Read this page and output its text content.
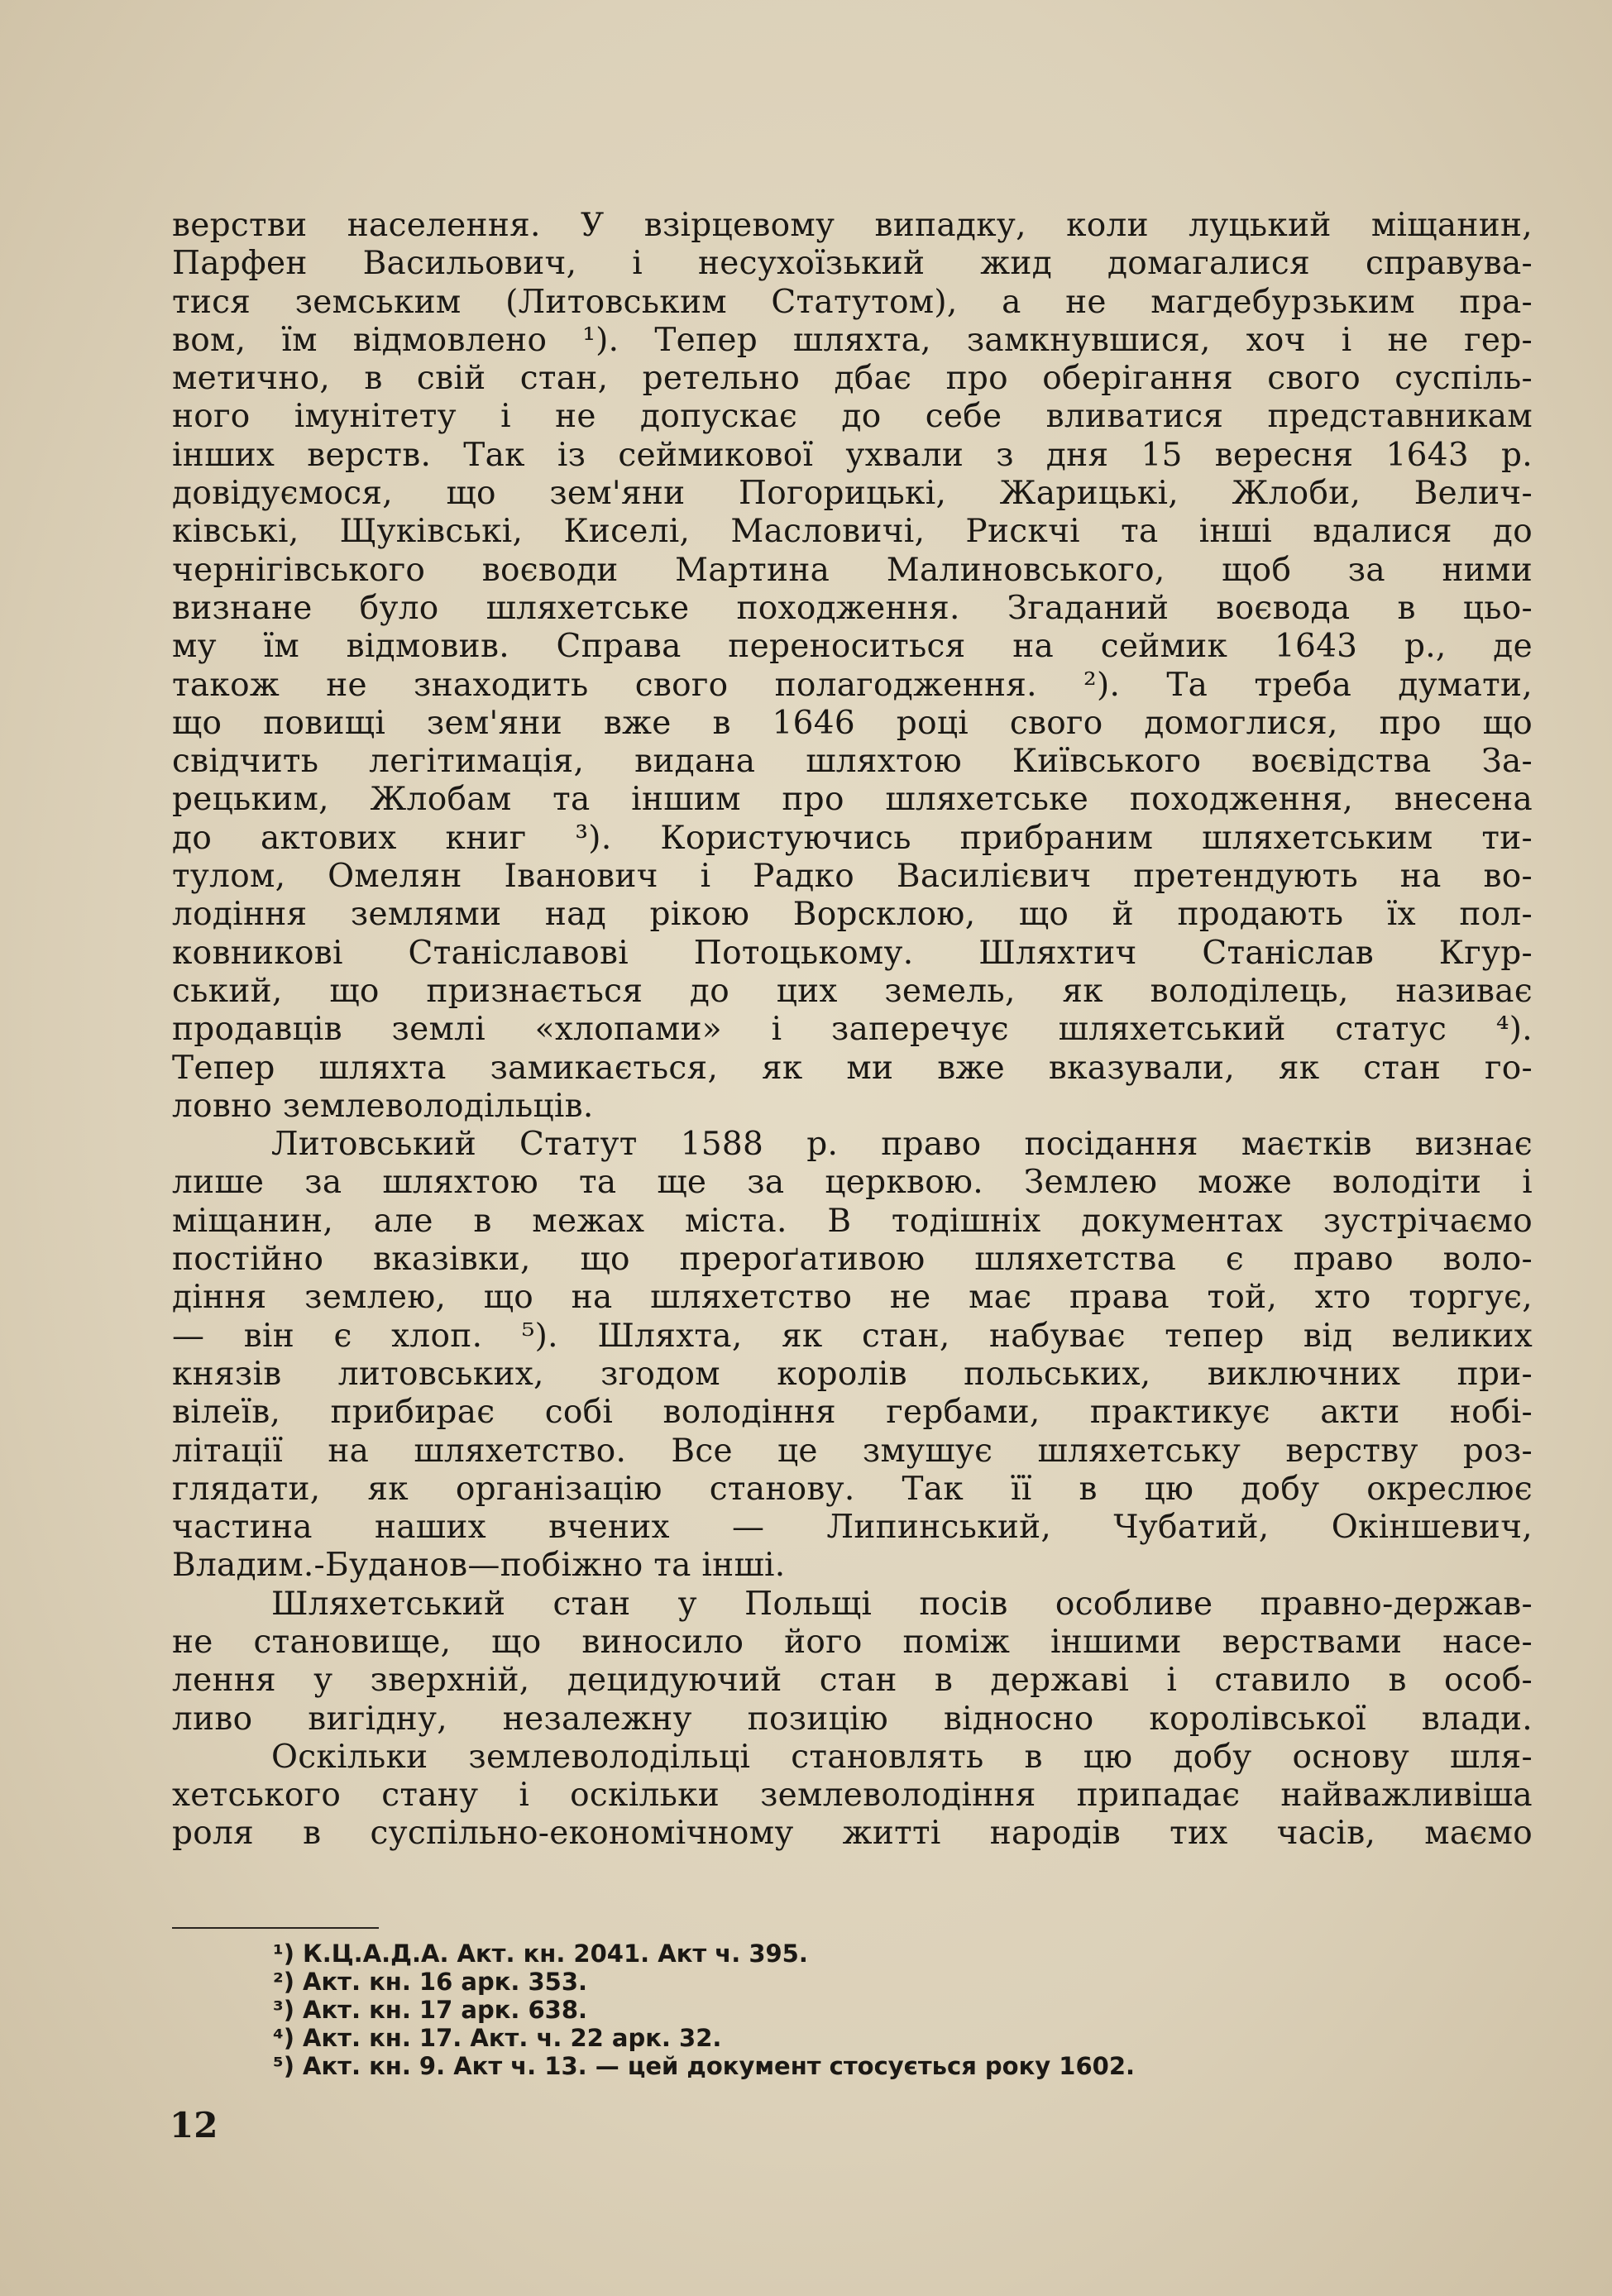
верстви населення. У взірцевому випадку, коли луцький міщанин,
Парфен Васильович, і несухоїзький жид домагалися справува-
тися земським (Литовським Статутом), а не магдебурзьким пра-
вом, їм відмовлено ¹). Тепер шляхта, замкнувшися, хоч і не гер-
метично, в свій стан, ретельно дбає про оберігання свого суспіль-
ного імунітету і не допускає до себе вливатися представникам
інших верств. Так із сеймикової ухвали з дня 15 вересня 1643 р.
довідуємося, що зем'яни Погорицькі, Жарицькі, Жлоби, Велич-
ківські, Щуківські, Киселі, Масловичі, Рискчі та інші вдалися до
чернігівського воєводи Мартина Малиновського, щоб за ними
визнане було шляхетське походження. Згаданий воєвода в цьо-
му їм відмовив. Справа переноситься на сеймик 1643 р., де
також не знаходить свого полагодження. ²). Та треба думати,
що повищі зем'яни вже в 1646 році свого домоглися, про що
свідчить легітимація, видана шляхтою Київського воєвідства За-
рецьким, Жлобам та іншим про шляхетське походження, внесена
до актових книг ³). Користуючись прибраним шляхетським ти-
тулом, Омелян Іванович і Радко Василієвич претендують на во-
лодіння землями над рікою Ворсклою, що й продають їх пол-
ковникові Станіславові Потоцькому. Шляхтич Станіслав Кгур-
ський, що признається до цих земель, як володілець, називає
продавців землі «хлопами» і заперечує шляхетський статус ⁴).
Тепер шляхта замикається, як ми вже вказували, як стан го-
ловно землеволодільців.
Литовський Статут 1588 р. право посідання маєтків визнає
лише за шляхтою та ще за церквою. Землею може володіти і
міщанин, але в межах міста. В тодішніх документах зустрічаємо
постійно вказівки, що прероґативою шляхетства є право воло-
діння землею, що на шляхетство не має права той, хто торгує,
— він є хлоп. ⁵). Шляхта, як стан, набуває тепер від великих
князів литовських, згодом королів польських, виключних при-
вілеїв, прибирає собі володіння гербами, практикує акти нобі-
літації на шляхетство. Все це змушує шляхетську верству роз-
глядати, як організацію станову. Так її в цю добу окреслює
частина наших вчених — Липинський, Чубатий, Окіншевич,
Владим.-Буданов—побіжно та інші.
Шляхетський стан у Польщі посів особливе правно-держав-
не становище, що виносило його поміж іншими верствами насе-
лення у зверхній, децидуючий стан в державі і ставило в особ-
ливо вигідну, незалежну позицію відносно королівської влади.
Оскільки землеволодільці становлять в цю добу основу шля-
хетського стану і оскільки землеволодіння припадає найважливіша
роля в суспільно-економічному житті народів тих часів, маємо
¹) К.Ц.А.Д.А. Акт. кн. 2041. Акт ч. 395.
²) Акт. кн. 16 арк. 353.
³) Акт. кн. 17 арк. 638.
⁴) Акт. кн. 17. Акт. ч. 22 арк. 32.
⁵) Акт. кн. 9. Акт ч. 13. — цей документ стосується року 1602.
12
